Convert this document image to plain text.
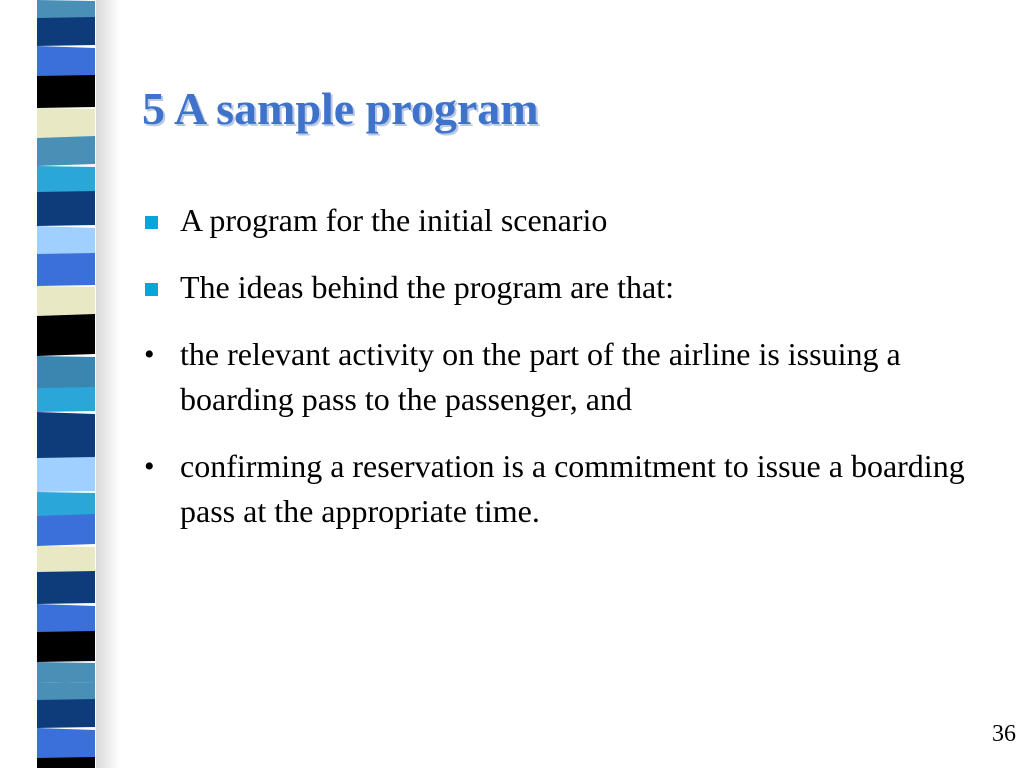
5 A sample program
A program for the initial scenario
The ideas behind the program are that:
• the relevant activity on the part of the airline is issuing a boarding pass to the passenger, and
• confirming a reservation is a commitment to issue a boarding pass at the appropriate time.
36
